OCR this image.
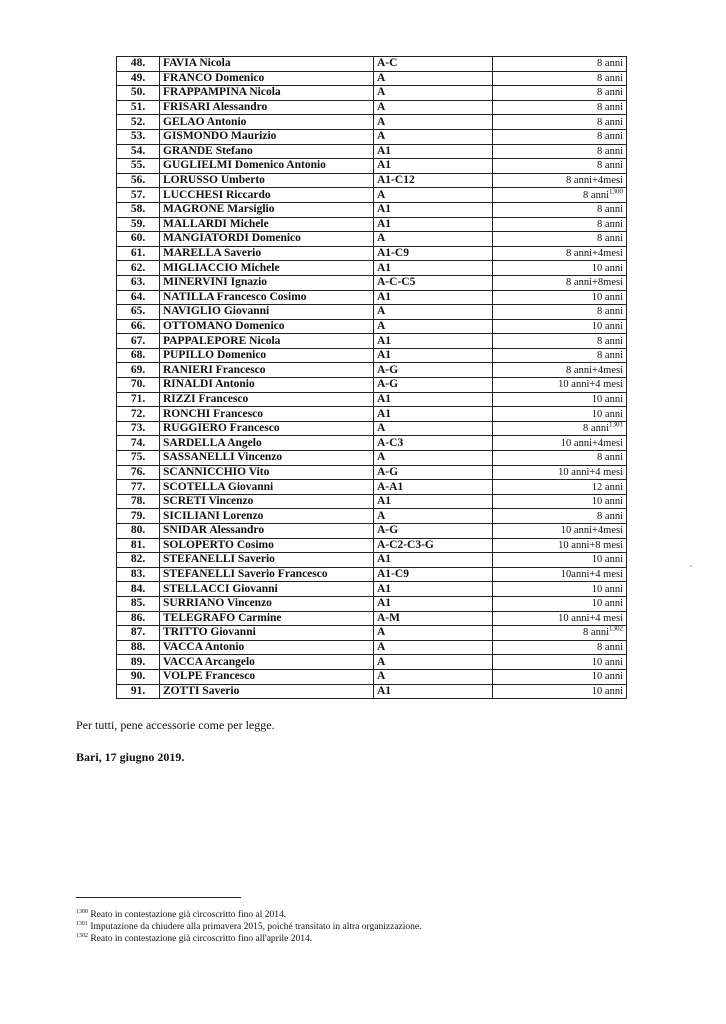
48.	FAVIA Nicola	A-C	8 anni
49.	FRANCO Domenico	A	8 anni
50.	FRAPPAMPINA Nicola	A	8 anni
51.	FRISARI Alessandro	A	8 anni
52.	GELAO Antonio	A	8 anni
53.	GISMONDO Maurizio	A	8 anni
54.	GRANDE Stefano	A1	8 anni
55.	GUGLIELMI Domenico Antonio	A1	8 anni
56.	LORUSSO Umberto	A1-C12	8 anni+4mesi
57.	LUCCHESI Riccardo	A	8 anni$^{1300}$
58.	MAGRONE Marsiglio	A1	8 anni
59.	MALLARDI Michele	A1	8 anni
60.	MANGIATORDI Domenico	A	8 anni
61.	MARELLA Saverio	A1-C9	8 anni+4mesi
62.	MIGLIACCIO Michele	A1	10 anni
63.	MINERVINI Ignazio	A-C-C5	8 anni+8mesi
64.	NATILLA Francesco Cosimo	A1	10 anni
65.	NAVIGLIO Giovanni	A	8 anni
66.	OTTOMANO Domenico	A	10 anni
67.	PAPPALEPORE Nicola	A1	8 anni
68.	PUPILLO Domenico	A1	8 anni
69.	RANIERI Francesco	A-G	8 anni+4mesi
70.	RINALDI Antonio	A-G	10 anni+4 mesi
71.	RIZZI Francesco	A1	10 anni
72.	RONCHI Francesco	A1	10 anni
73.	RUGGIERO Francesco	A	8 anni$^{1301}$
74.	SARDELLA Angelo	A-C3	10 anni+4mesi
75.	SASSANELLI Vincenzo	A	8 anni
76.	SCANNICCHIO Vito	A-G	10 anni+4 mesi
77.	SCOTELLA Giovanni	A-A1	12 anni
78.	SCRETI Vincenzo	A1	10 anni
79.	SICILIANI Lorenzo	A	8 anni
80.	SNIDAR Alessandro	A-G	10 anni+4mesi
81.	SOLOPERTO Cosimo	A-C2-C3-G	10 anni+8 mesi
82.	STEFANELLI Saverio	A1	10 anni
83.	STEFANELLI Saverio Francesco	A1-C9	10anni+4 mesi
84.	STELLACCI Giovanni	A1	10 anni
85.	SURRIANO Vincenzo	A1	10 anni
86.	TELEGRAFO Carmine	A-M	10 anni+4 mesi
87.	TRITTO Giovanni	A	8 anni$^{1302}$
88.	VACCA Antonio	A	8 anni
89.	VACCA Arcangelo	A	10 anni
90.	VOLPE Francesco	A	10 anni
91.	ZOTTI Saverio	A1	10 anni
Per tutti, pene accessorie come per legge.
Bari, 17 giugno 2019.
$^{1300}$ Reato in contestazione già circoscritto fino al 2014.
$^{1301}$ Imputazione da chiudere alla primavera 2015, poiché transitato in altra organizzazione.
$^{1302}$ Reato in contestazione già circoscritto fino all'aprile 2014.
